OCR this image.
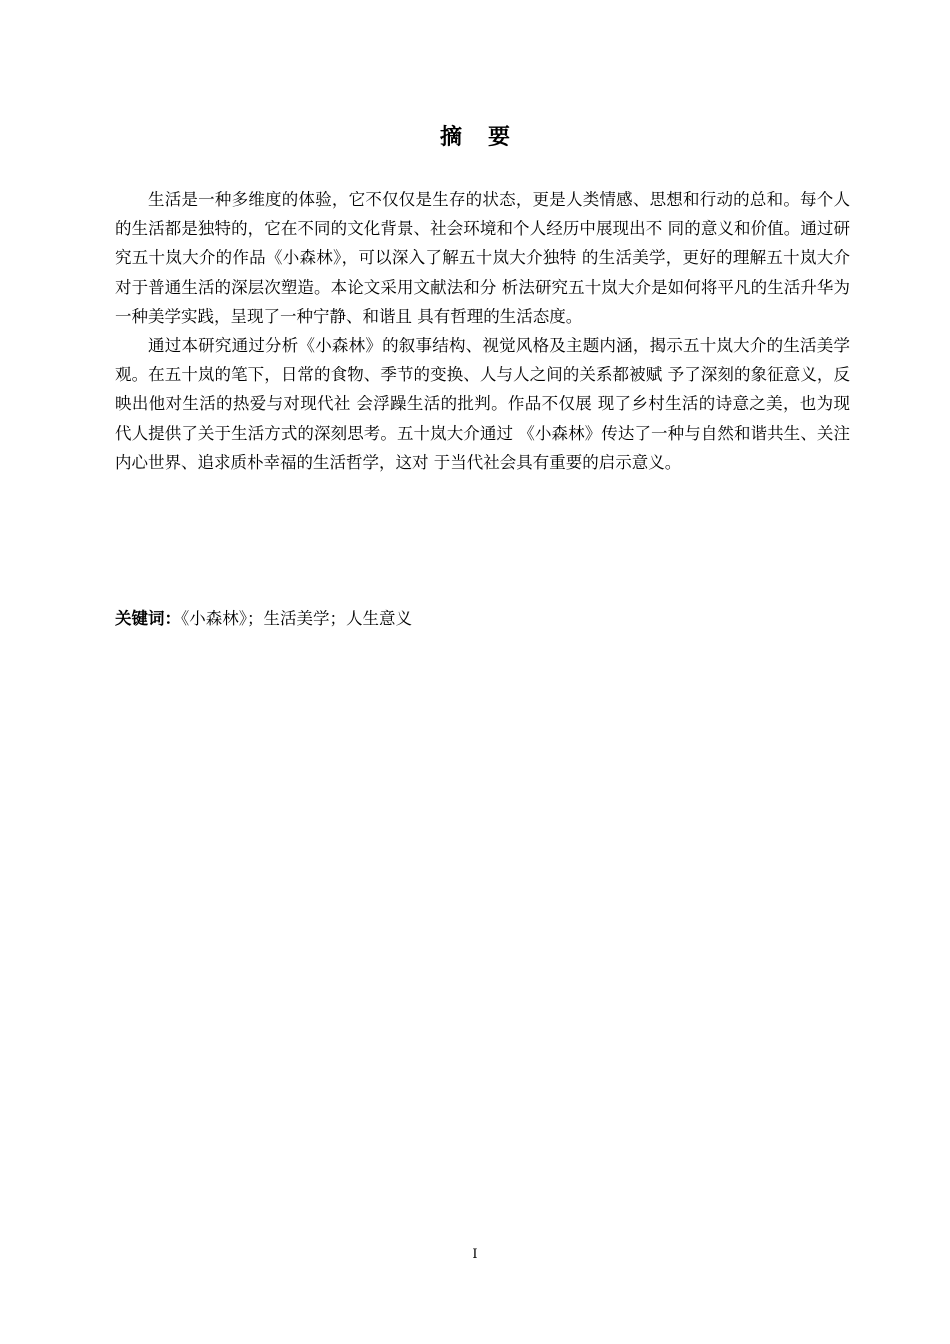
摘要

生活是一种多维度的体验，它不仅仅是生存的状态，更是人类情感、思想和行动的总和。每个人的生活都是独特的，它在不同的文化背景、社会环境和个人经历中展现出不 同的意义和价值。通过研究五十岚大介的作品《小森林》，可以深入了解五十岚大介独特 的生活美学，更好的理解五十岚大介对于普通生活的深层次塑造。本论文采用文献法和分 析法研究五十岚大介是如何将平凡的生活升华为一种美学实践，呈现了一种宁静、和谐且 具有哲理的生活态度。

通过本研究通过分析《小森林》的叙事结构、视觉风格及主题内涵，揭示五十岚大介的生活美学观。在五十岚的笔下，日常的食物、季节的变换、人与人之间的关系都被赋 予了深刻的象征意义，反映出他对生活的热爱与对现代社 会浮躁生活的批判。作品不仅展 现了乡村生活的诗意之美，也为现代人提供了关于生活方式的深刻思考。五十岚大介通过 《小森林》传达了一种与自然和谐共生、关注内心世界、追求质朴幸福的生活哲学，这对 于当代社会具有重要的启示意义。

关键词：《小森林》；生活美学；人生意义
I
